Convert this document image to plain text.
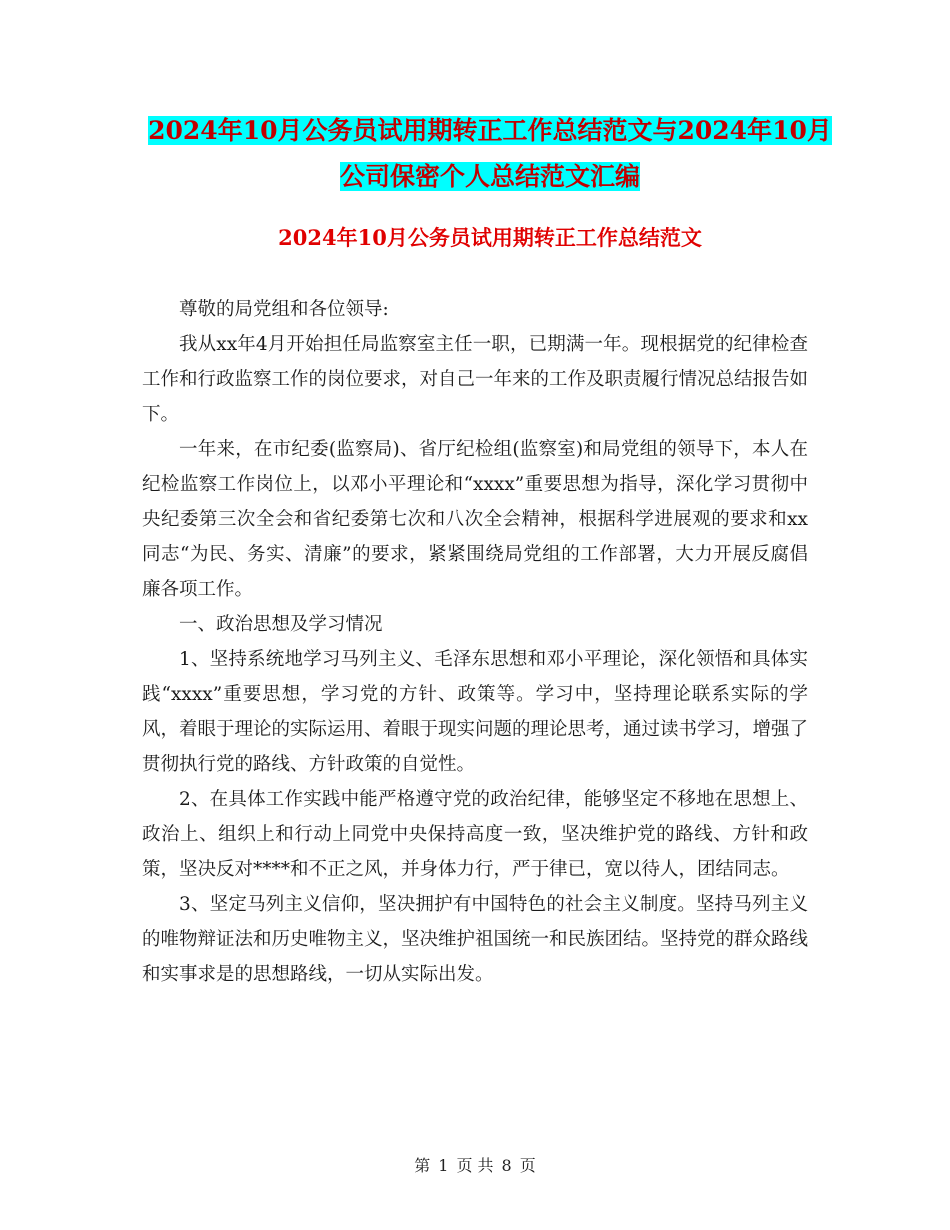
2024年10月公务员试用期转正工作总结范文与2024年10月公司保密个人总结范文汇编
2024年10月公务员试用期转正工作总结范文

尊敬的局党组和各位领导:

我从xx年4月开始担任局监察室主任一职，已期满一年。现根据党的纪律检查工作和行政监察工作的岗位要求，对自己一年来的工作及职责履行情况总结报告如下。

一年来，在市纪委(监察局)、省厅纪检组(监察室)和局党组的领导下，本人在纪检监察工作岗位上，以邓小平理论和“xxxx”重要思想为指导，深化学习贯彻中央纪委第三次全会和省纪委第七次和八次全会精神，根据科学进展观的要求和xx同志“为民、务实、清廉”的要求，紧紧围绕局党组的工作部署，大力开展反腐倡廉各项工作。

一、政治思想及学习情况

1、坚持系统地学习马列主义、毛泽东思想和邓小平理论，深化领悟和具体实践“xxxx”重要思想，学习党的方针、政策等。学习中，坚持理论联系实际的学风，着眼于理论的实际运用、着眼于现实问题的理论思考，通过读书学习，增强了贯彻执行党的路线、方针政策的自觉性。

2、在具体工作实践中能严格遵守党的政治纪律，能够坚定不移地在思想上、政治上、组织上和行动上同党中央保持高度一致，坚决维护党的路线、方针和政策，坚决反对****和不正之风，并身体力行，严于律已，宽以待人，团结同志。

3、坚定马列主义信仰，坚决拥护有中国特色的社会主义制度。坚持马列主义的唯物辩证法和历史唯物主义，坚决维护祖国统一和民族团结。坚持党的群众路线和实事求是的思想路线，一切从实际出发。

第 1 页 共 8 页
